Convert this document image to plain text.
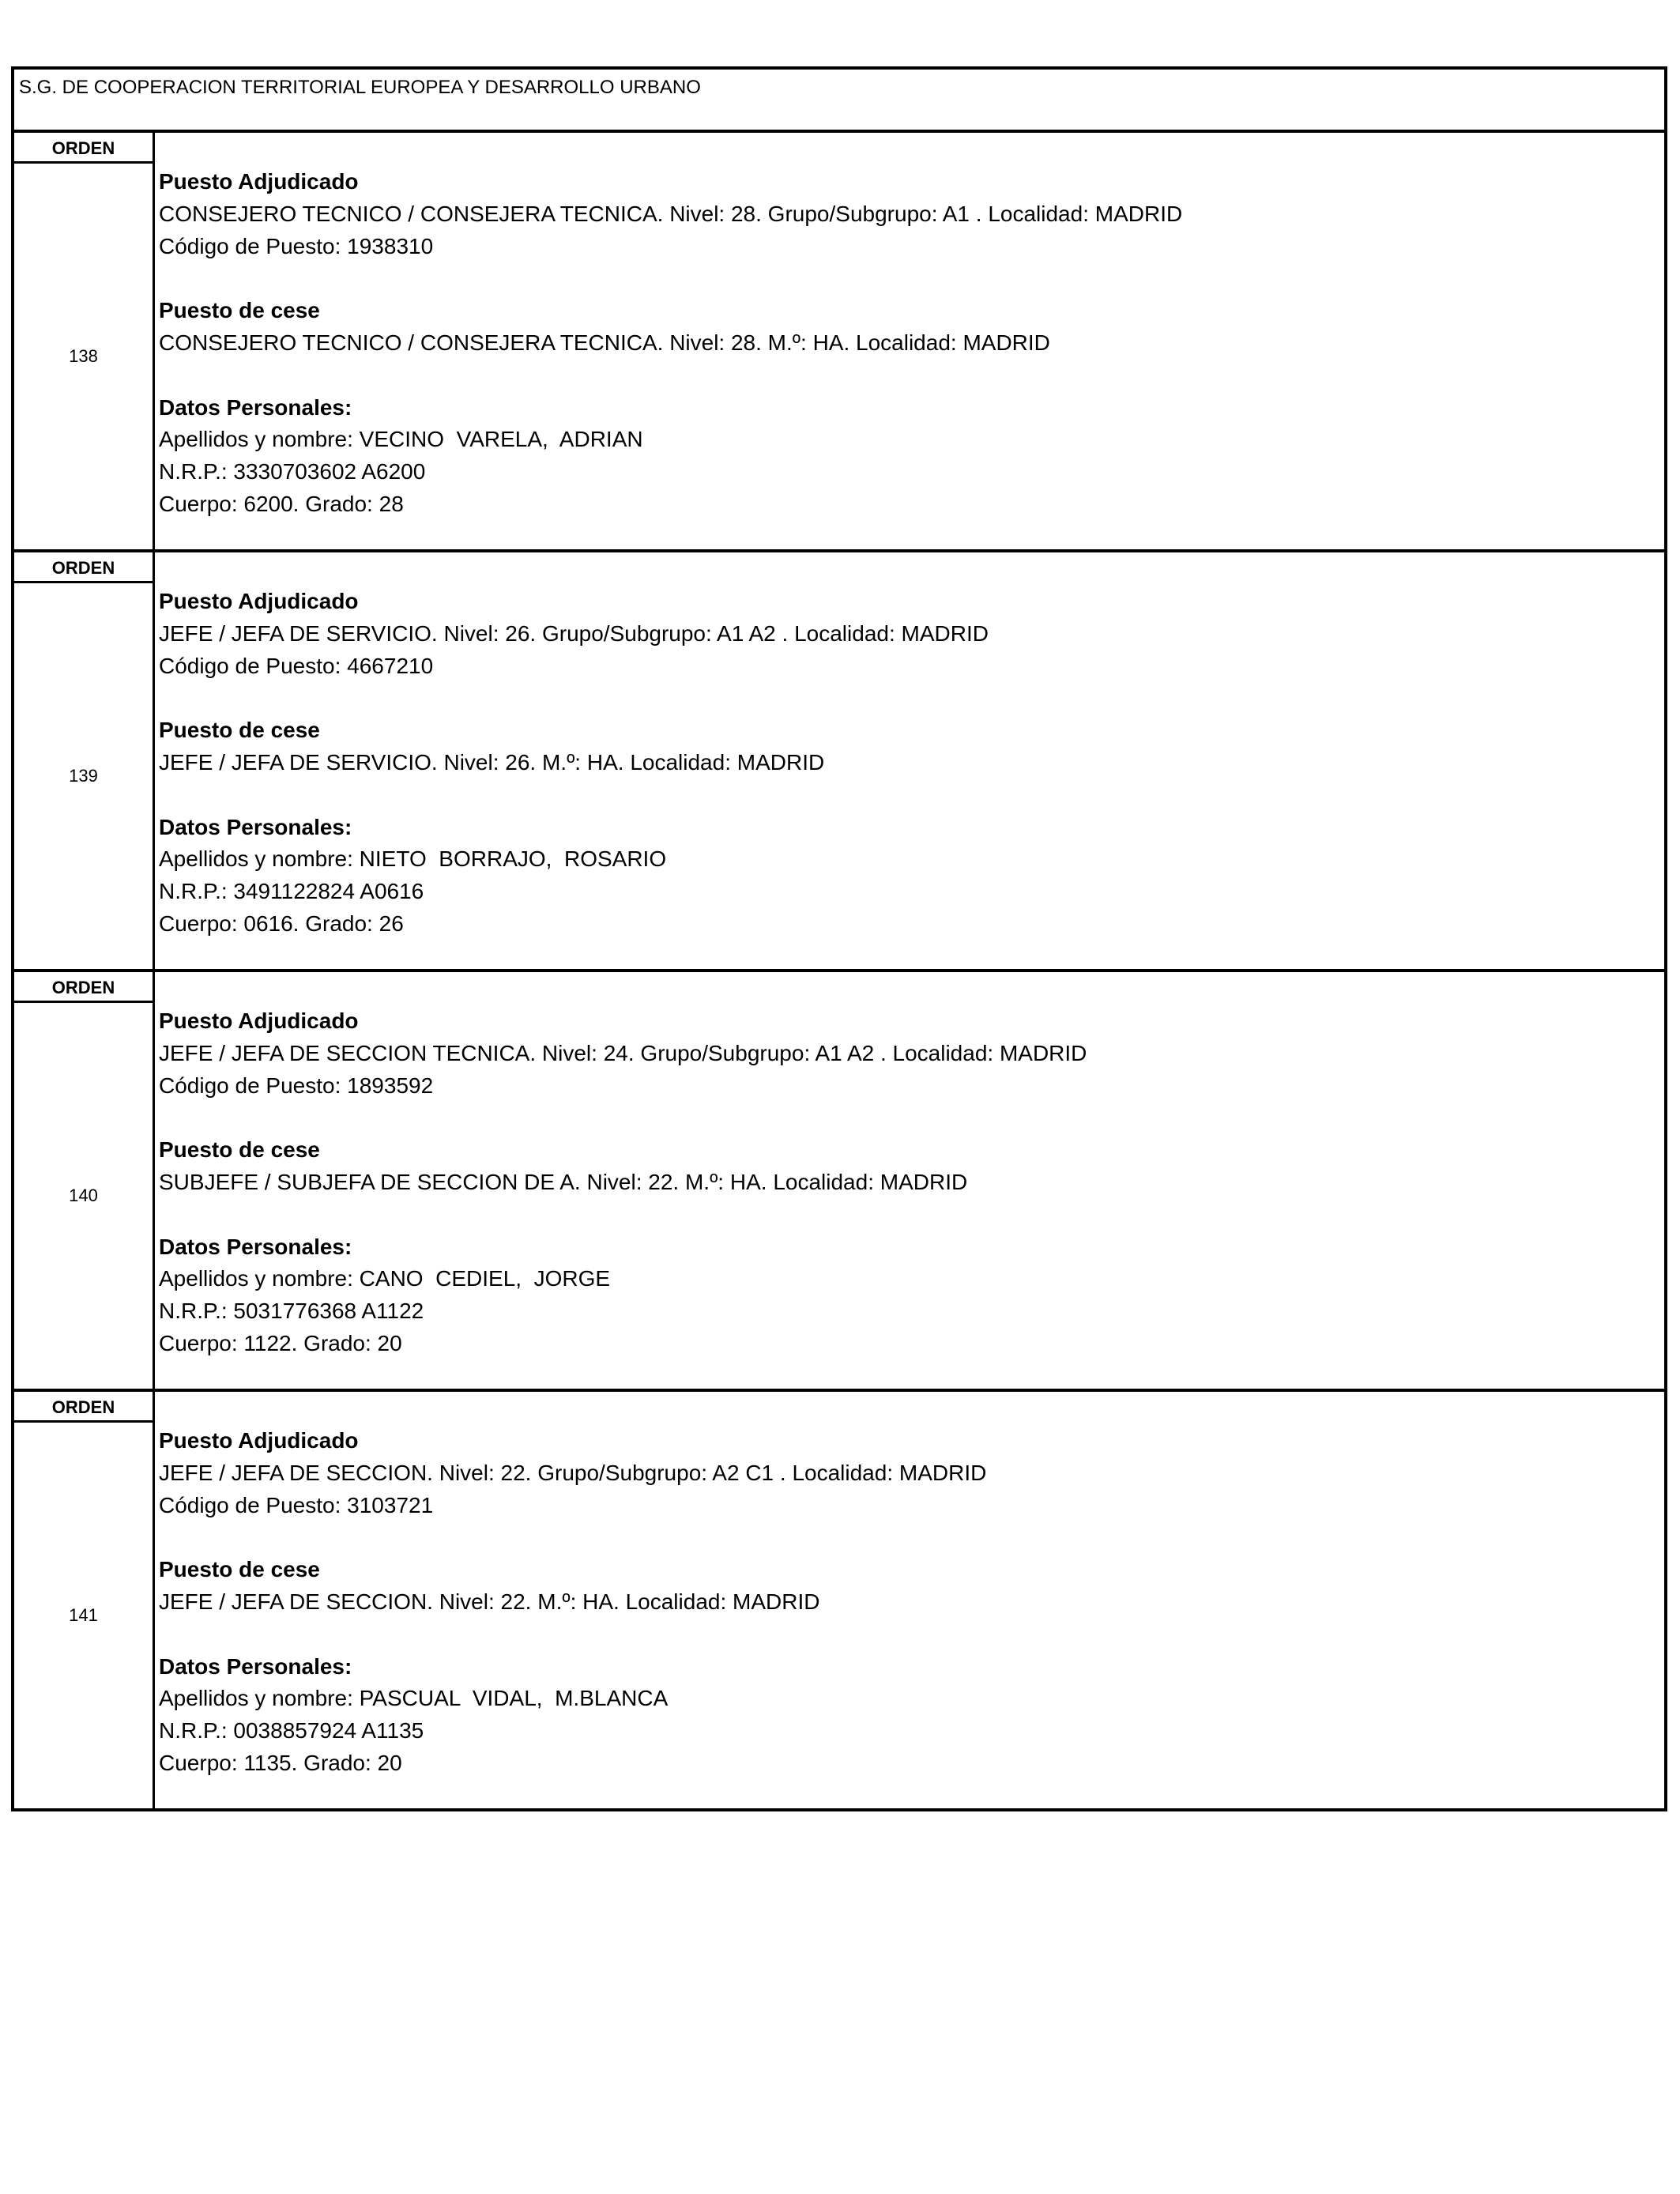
S.G. DE COOPERACION TERRITORIAL EUROPEA Y DESARROLLO URBANO
ORDEN
138
Puesto Adjudicado
CONSEJERO TECNICO / CONSEJERA TECNICA. Nivel: 28. Grupo/Subgrupo: A1 . Localidad: MADRID
Código de Puesto: 1938310
Puesto de cese
CONSEJERO TECNICO / CONSEJERA TECNICA. Nivel: 28. M.º: HA. Localidad: MADRID
Datos Personales:
Apellidos y nombre: VECINO  VARELA,  ADRIAN
N.R.P.: 3330703602 A6200
Cuerpo: 6200. Grado: 28
ORDEN
139
Puesto Adjudicado
JEFE / JEFA DE SERVICIO. Nivel: 26. Grupo/Subgrupo: A1 A2 . Localidad: MADRID
Código de Puesto: 4667210
Puesto de cese
JEFE / JEFA DE SERVICIO. Nivel: 26. M.º: HA. Localidad: MADRID
Datos Personales:
Apellidos y nombre: NIETO  BORRAJO,  ROSARIO
N.R.P.: 3491122824 A0616
Cuerpo: 0616. Grado: 26
ORDEN
140
Puesto Adjudicado
JEFE / JEFA DE SECCION TECNICA. Nivel: 24. Grupo/Subgrupo: A1 A2 . Localidad: MADRID
Código de Puesto: 1893592
Puesto de cese
SUBJEFE / SUBJEFA DE SECCION DE A. Nivel: 22. M.º: HA. Localidad: MADRID
Datos Personales:
Apellidos y nombre: CANO  CEDIEL,  JORGE
N.R.P.: 5031776368 A1122
Cuerpo: 1122. Grado: 20
ORDEN
141
Puesto Adjudicado
JEFE / JEFA DE SECCION. Nivel: 22. Grupo/Subgrupo: A2 C1 . Localidad: MADRID
Código de Puesto: 3103721
Puesto de cese
JEFE / JEFA DE SECCION. Nivel: 22. M.º: HA. Localidad: MADRID
Datos Personales:
Apellidos y nombre: PASCUAL  VIDAL,  M.BLANCA
N.R.P.: 0038857924 A1135
Cuerpo: 1135. Grado: 20
